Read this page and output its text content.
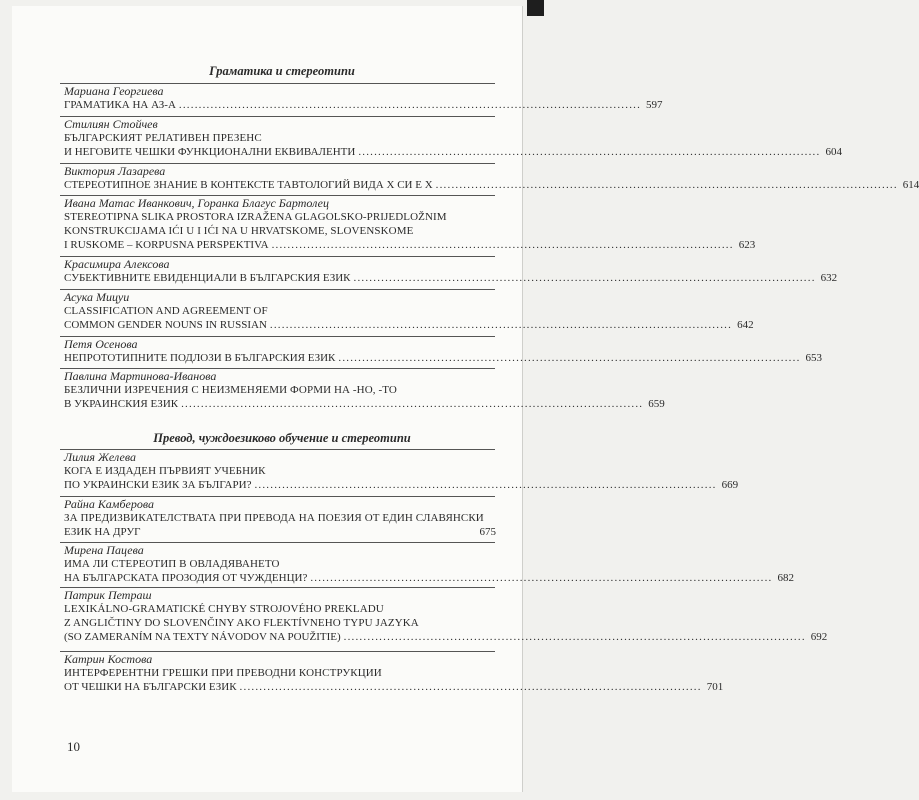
Граматика и стереотипи

Мариана Георгиева

ГРАМАТИКА НА АЗ-А ..................................................................................................................... 597

Стилиян Стойчев

БЪЛГАРСКИЯТ РЕЛАТИВЕН ПРЕЗЕНС

И НЕГОВИТЕ ЧЕШКИ ФУНКЦИОНАЛНИ ЕКВИВАЛЕНТИ ..................................................................................................................... 604

Виктория Лазарева

СТЕРЕОТИПНОЕ ЗНАНИЕ В КОНТЕКСТЕ ТАВТОЛОГИЙ ВИДА Х СИ Е Х ..................................................................................................................... 614

Ивана Матас Иванкович, Горанка Благус Бартолец

STEREOTIPNA SLIKA PROSTORA IZRAŽENA GLAGOLSKO-PRIJEDLOŽNIM

KONSTRUKCIJAMA IĆI U I IĆI NA U HRVATSKOME, SLOVENSKOME

I RUSKOME – KORPUSNA PERSPEKTIVA ..................................................................................................................... 623

Красимира Алексова

СУБЕКТИВНИТЕ ЕВИДЕНЦИАЛИ В БЪЛГАРСКИЯ ЕЗИК ..................................................................................................................... 632

Асука Мицуи

CLASSIFICATION AND AGREEMENT OF

COMMON GENDER NOUNS IN RUSSIAN ..................................................................................................................... 642

Петя Осенова

НЕПРОТОТИПНИТЕ ПОДЛОЗИ В БЪЛГАРСКИЯ ЕЗИК ..................................................................................................................... 653

Павлина Мартинова-Иванова

БЕЗЛИЧНИ ИЗРЕЧЕНИЯ С НЕИЗМЕНЯЕМИ ФОРМИ НА -НО, -ТО

В УКРАИНСКИЯ ЕЗИК ..................................................................................................................... 659

Превод, чуждоезиково обучение и стереотипи

Лилия Желева

КОГА Е ИЗДАДЕН ПЪРВИЯТ УЧЕБНИК

ПО УКРАИНСКИ ЕЗИК ЗА БЪЛГАРИ? ..................................................................................................................... 669

Райна Камберова

ЗА ПРЕДИЗВИКАТЕЛСТВАТА ПРИ ПРЕВОДА НА ПОЕЗИЯ ОТ ЕДИН СЛАВЯНСКИ

ЕЗИК НА ДРУГ	675

Мирена Пацева

ИМА ЛИ СТЕРЕОТИП В ОВЛАДЯВАНЕТО

НА БЪЛГАРСКАТА ПРОЗОДИЯ ОТ ЧУЖДЕНЦИ? ..................................................................................................................... 682

Патрик Петраш

LEXIKÁLNO-GRAMATICKÉ CHYBY STROJOVÉHO PREKLADU

Z ANGLIČTINY DO SLOVENČINY AKO FLEKTÍVNEHO TYPU JAZYKA

(SO ZAMERANÍM NA TEXTY NÁVODOV NA POUŽITIE) ..................................................................................................................... 692

Катрин Костова

ИНТЕРФЕРЕНТНИ ГРЕШКИ ПРИ ПРЕВОДНИ КОНСТРУКЦИИ

ОТ ЧЕШКИ НА БЪЛГАРСКИ ЕЗИК ..................................................................................................................... 701
10
